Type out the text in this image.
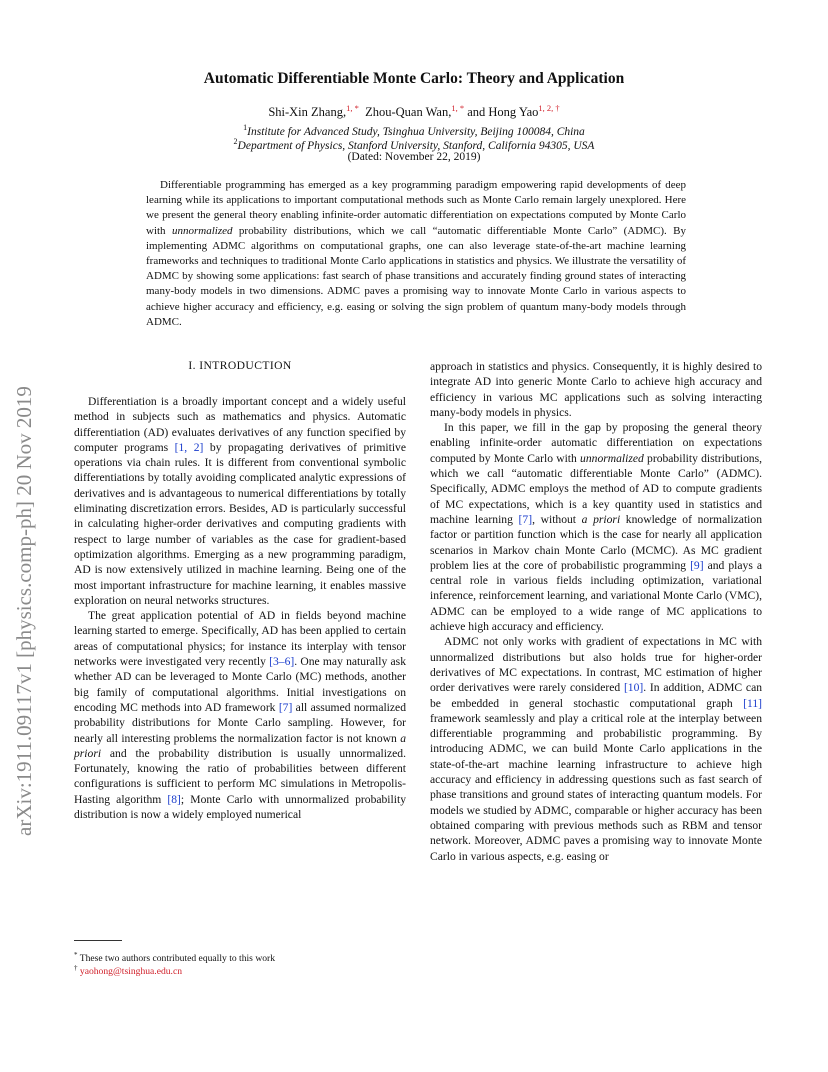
arXiv:1911.09117v1 [physics.comp-ph] 20 Nov 2019
Automatic Differentiable Monte Carlo: Theory and Application
Shi-Xin Zhang,$^{1, *}$ Zhou-Quan Wan,$^{1, *}$ and Hong Yao$^{1, 2, \dagger}$
$^1$Institute for Advanced Study, Tsinghua University, Beijing 100084, China
$^2$Department of Physics, Stanford University, Stanford, California 94305, USA
(Dated: November 22, 2019)
Differentiable programming has emerged as a key programming paradigm empowering rapid developments of deep learning while its applications to important computational methods such as Monte Carlo remain largely unexplored. Here we present the general theory enabling infinite-order automatic differentiation on expectations computed by Monte Carlo with unnormalized probability distributions, which we call “automatic differentiable Monte Carlo” (ADMC). By implementing ADMC algorithms on computational graphs, one can also leverage state-of-the-art machine learning frameworks and techniques to traditional Monte Carlo applications in statistics and physics. We illustrate the versatility of ADMC by showing some applications: fast search of phase transitions and accurately finding ground states of interacting many-body models in two dimensions. ADMC paves a promising way to innovate Monte Carlo in various aspects to achieve higher accuracy and efficiency, e.g. easing or solving the sign problem of quantum many-body models through ADMC.
I. INTRODUCTION

Differentiation is a broadly important concept and a widely useful method in subjects such as mathematics and physics. Automatic differentiation (AD) evaluates derivatives of any function specified by computer programs [1, 2] by propagating derivatives of primitive operations via chain rules. It is different from conventional symbolic differentiations by totally avoiding complicated analytic expressions of derivatives and is advantageous to numerical differentiations by totally eliminating discretization errors. Besides, AD is particularly successful in calculating higher-order derivatives and computing gradients with respect to large number of variables as the case for gradient-based optimization algorithms. Emerging as a new programming paradigm, AD is now extensively utilized in machine learning. Being one of the most important infrastructure for machine learning, it enables massive exploration on neural networks structures.

The great application potential of AD in fields beyond machine learning started to emerge. Specifically, AD has been applied to certain areas of computational physics; for instance its interplay with tensor networks were investigated very recently [3–6]. One may naturally ask whether AD can be leveraged to Monte Carlo (MC) methods, another big family of computational algorithms. Initial investigations on encoding MC methods into AD framework [7] all assumed normalized probability distributions for Monte Carlo sampling. However, for nearly all interesting problems the normalization factor is not known a priori and the probability distribution is usually unnormalized. Fortunately, knowing the ratio of probabilities between different configurations is sufficient to perform MC simulations in Metropolis-Hasting algorithm [8]; Monte Carlo with unnormalized probability distribution is now a widely employed numerical

approach in statistics and physics. Consequently, it is highly desired to integrate AD into generic Monte Carlo to achieve high accuracy and efficiency in various MC applications such as solving interacting many-body models in physics.

In this paper, we fill in the gap by proposing the general theory enabling infinite-order automatic differentiation on expectations computed by Monte Carlo with unnormalized probability distributions, which we call “automatic differentiable Monte Carlo” (ADMC). Specifically, ADMC employs the method of AD to compute gradients of MC expectations, which is a key quantity used in statistics and machine learning [7], without a priori knowledge of normalization factor or partition function which is the case for nearly all application scenarios in Markov chain Monte Carlo (MCMC). As MC gradient problem lies at the core of probabilistic programming [9] and plays a central role in various fields including optimization, variational inference, reinforcement learning, and variational Monte Carlo (VMC), ADMC can be employed to a wide range of MC applications to achieve high accuracy and efficiency.

ADMC not only works with gradient of expectations in MC with unnormalized distributions but also holds true for higher-order derivatives of MC expectations. In contrast, MC estimation of higher order derivatives were rarely considered [10]. In addition, ADMC can be embedded in general stochastic computational graph [11] framework seamlessly and play a critical role at the interplay between differentiable programming and probabilistic programming. By introducing ADMC, we can build Monte Carlo applications in the state-of-the-art machine learning infrastructure to achieve high accuracy and efficiency in addressing questions such as fast search of phase transitions and ground states of interacting quantum models. For models we studied by ADMC, comparable or higher accuracy has been obtained comparing with previous methods such as RBM and tensor network. Moreover, ADMC paves a promising way to innovate Monte Carlo in various aspects, e.g. easing or

* These two authors contributed equally to this work
† yaohong@tsinghua.edu.cn
